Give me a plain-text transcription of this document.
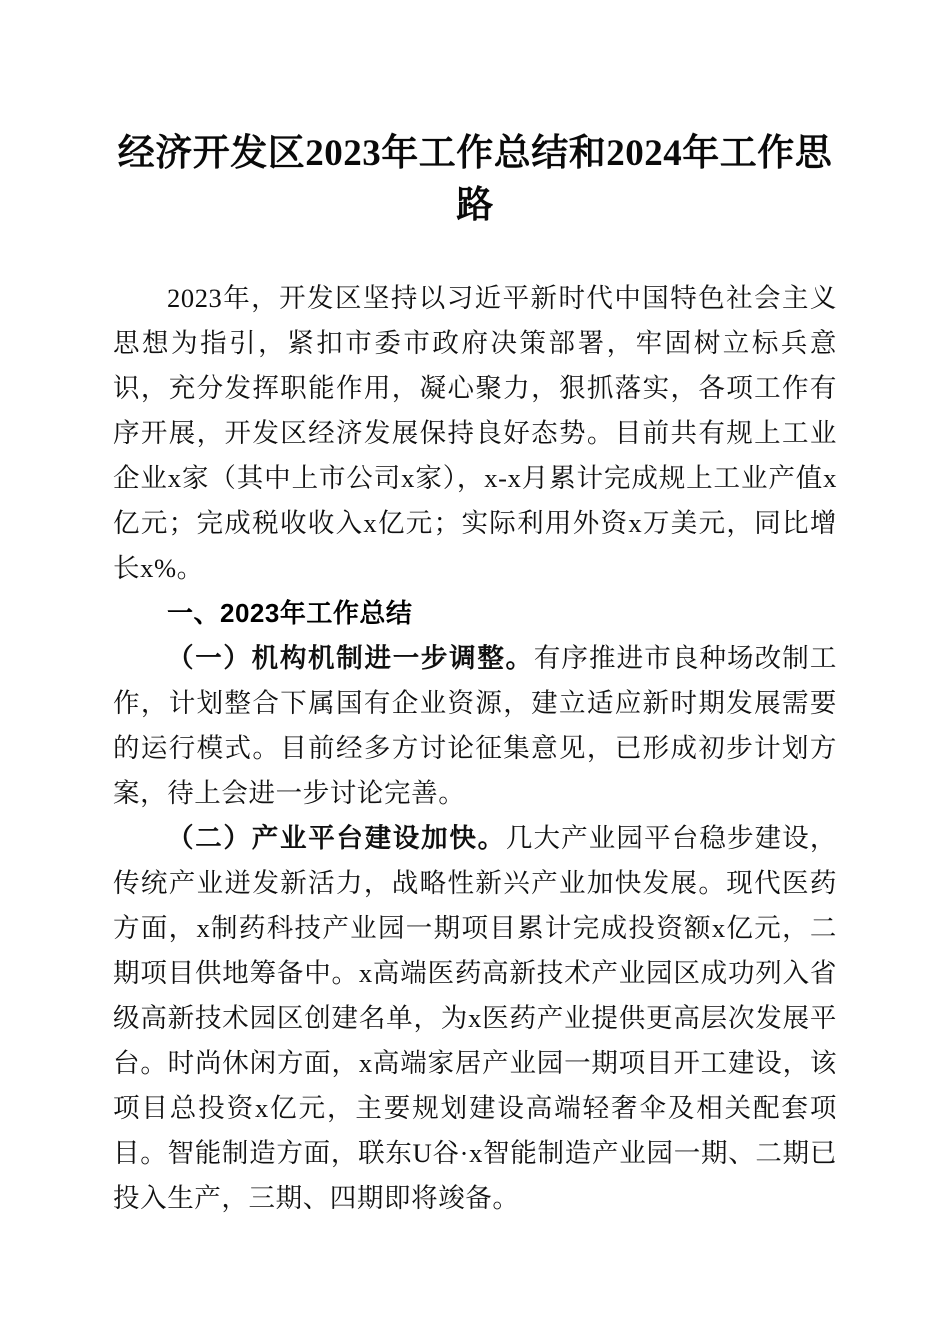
经济开发区2023年工作总结和2024年工作思路

2023年，开发区坚持以习近平新时代中国特色社会主义思想为指引，紧扣市委市政府决策部署，牢固树立标兵意识，充分发挥职能作用，凝心聚力，狠抓落实，各项工作有序开展，开发区经济发展保持良好态势。目前共有规上工业企业x家（其中上市公司x家），x-x月累计完成规上工业产值x亿元；完成税收收入x亿元；实际利用外资x万美元，同比增长x%。

一、2023年工作总结

（一）机构机制进一步调整。有序推进市良种场改制工作，计划整合下属国有企业资源，建立适应新时期发展需要的运行模式。目前经多方讨论征集意见，已形成初步计划方案，待上会进一步讨论完善。

（二）产业平台建设加快。几大产业园平台稳步建设，传统产业迸发新活力，战略性新兴产业加快发展。现代医药方面，x制药科技产业园一期项目累计完成投资额x亿元，二期项目供地筹备中。x高端医药高新技术产业园区成功列入省级高新技术园区创建名单，为x医药产业提供更高层次发展平台。时尚休闲方面，x高端家居产业园一期项目开工建设，该项目总投资x亿元，主要规划建设高端轻奢伞及相关配套项目。智能制造方面，联东U谷·x智能制造产业园一期、二期已投入生产，三期、四期即将竣备。
